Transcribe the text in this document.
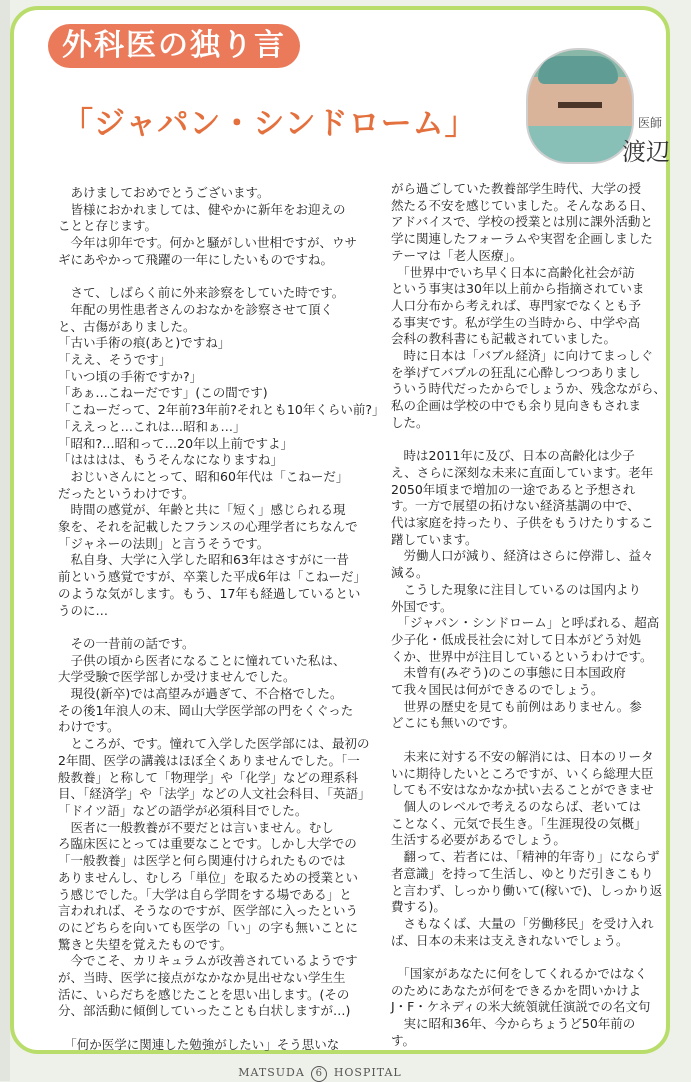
外科医の独り言
「ジャパン・シンドローム」	医師
渡辺

　あけましておめでとうございます。

　皆様におかれましては、健やかに新年をお迎えの

ことと存じます。

　今年は卯年です。何かと騒がしい世相ですが、ウサ

ギにあやかって飛躍の一年にしたいものですね。

　さて、しばらく前に外来診察をしていた時です。

　年配の男性患者さんのおなかを診察させて頂く

と、古傷がありました。

「古い手術の痕(あと)ですね」

「ええ、そうです」

「いつ頃の手術ですか?」

「あぁ…こねーだです」(この間です)

「こねーだって、2年前?3年前?それとも10年くらい前?」

「ええっと…これは…昭和ぁ…」

「昭和?…昭和って…20年以上前ですよ」

「はははは、もうそんなになりますね」

　おじいさんにとって、昭和60年代は「こねーだ」

だったというわけです。

　時間の感覚が、年齢と共に「短く」感じられる現

象を、それを記載したフランスの心理学者にちなんで

「ジャネーの法則」と言うそうです。

　私自身、大学に入学した昭和63年はさすがに一昔

前という感覚ですが、卒業した平成6年は「こねーだ」

のような気がします。もう、17年も経過しているとい

うのに…

　その一昔前の話です。

　子供の頃から医者になることに憧れていた私は、

大学受験で医学部しか受けませんでした。

　現役(新卒)では高望みが過ぎて、不合格でした。

その後1年浪人の末、岡山大学医学部の門をくぐった

わけです。

　ところが、です。憧れて入学した医学部には、最初の

2年間、医学の講義はほぼ全くありませんでした。「一

般教養」と称して「物理学」や「化学」などの理系科

目、「経済学」や「法学」などの人文社会科目、「英語」

「ドイツ語」などの語学が必須科目でした。

　医者に一般教養が不要だとは言いません。むし

ろ臨床医にとっては重要なことです。しかし大学での

「一般教養」は医学と何ら関連付けられたものでは

ありませんし、むしろ「単位」を取るための授業とい

う感じでした。「大学は自ら学問をする場である」と

言われれば、そうなのですが、医学部に入ったという

のにどちらを向いても医学の「い」の字も無いことに

驚きと失望を覚えたものです。

　今でこそ、カリキュラムが改善されているようです

が、当時、医学に接点がなかなか見出せない学生生

活に、いらだちを感じたことを思い出します。(その

分、部活動に傾倒していったことも白状しますが…)

　「何か医学に関連した勉強がしたい」そう思いな

がら過ごしていた教養部学生時代、大学の授

然たる不安を感じていました。そんなある日、

アドバイスで、学校の授業とは別に課外活動と

学に関連したフォーラムや実習を企画しました

テーマは「老人医療」。

　「世界中でいち早く日本に高齢化社会が訪

という事実は30年以上前から指摘されていま

人口分布から考えれば、専門家でなくとも予

る事実です。私が学生の当時から、中学や高

会科の教科書にも記載されていました。

　時に日本は「バブル経済」に向けてまっしぐ

を挙げてバブルの狂乱に心酔しつつありまし

ういう時代だったからでしょうか、残念ながら、

私の企画は学校の中でも余り見向きもされま

した。

　時は2011年に及び、日本の高齢化は少子

え、さらに深刻な未来に直面しています。老年

2050年頃まで増加の一途であると予想され

す。一方で展望の拓けない経済基調の中で、

代は家庭を持ったり、子供をもうけたりするこ

躇しています。

　労働人口が減り、経済はさらに停滞し、益々

減る。

　こうした現象に注目しているのは国内より

外国です。

　「ジャパン・シンドローム」と呼ばれる、超高

少子化・低成長社会に対して日本がどう対処

くか、世界中が注目しているというわけです。

　未曾有(みぞう)のこの事態に日本国政府

て我々国民は何ができるのでしょう。

　世界の歴史を見ても前例はありません。参

どこにも無いのです。

　未来に対する不安の解消には、日本のリータ

いに期待したいところですが、いくら総理大臣

しても不安はなかなか拭い去ることができませ

　個人のレベルで考えるのならば、老いては

ことなく、元気で長生き。「生涯現役の気概」

生活する必要があるでしょう。

　翻って、若者には、「精神的年寄り」にならず

者意識」を持って生活し、ゆとりだ引きこもり

と言わず、しっかり働いて(稼いで)、しっかり返

費する)。

　さもなくば、大量の「労働移民」を受け入れ

ば、日本の未来は支えきれないでしょう。

　「国家があなたに何をしてくれるかではなく

のためにあなたが何をできるかを問いかけよ

J・F・ケネディの米大統領就任演説での名文句

　実に昭和36年、今からちょうど50年前の

す。

MATSUDA 6 HOSPITAL
